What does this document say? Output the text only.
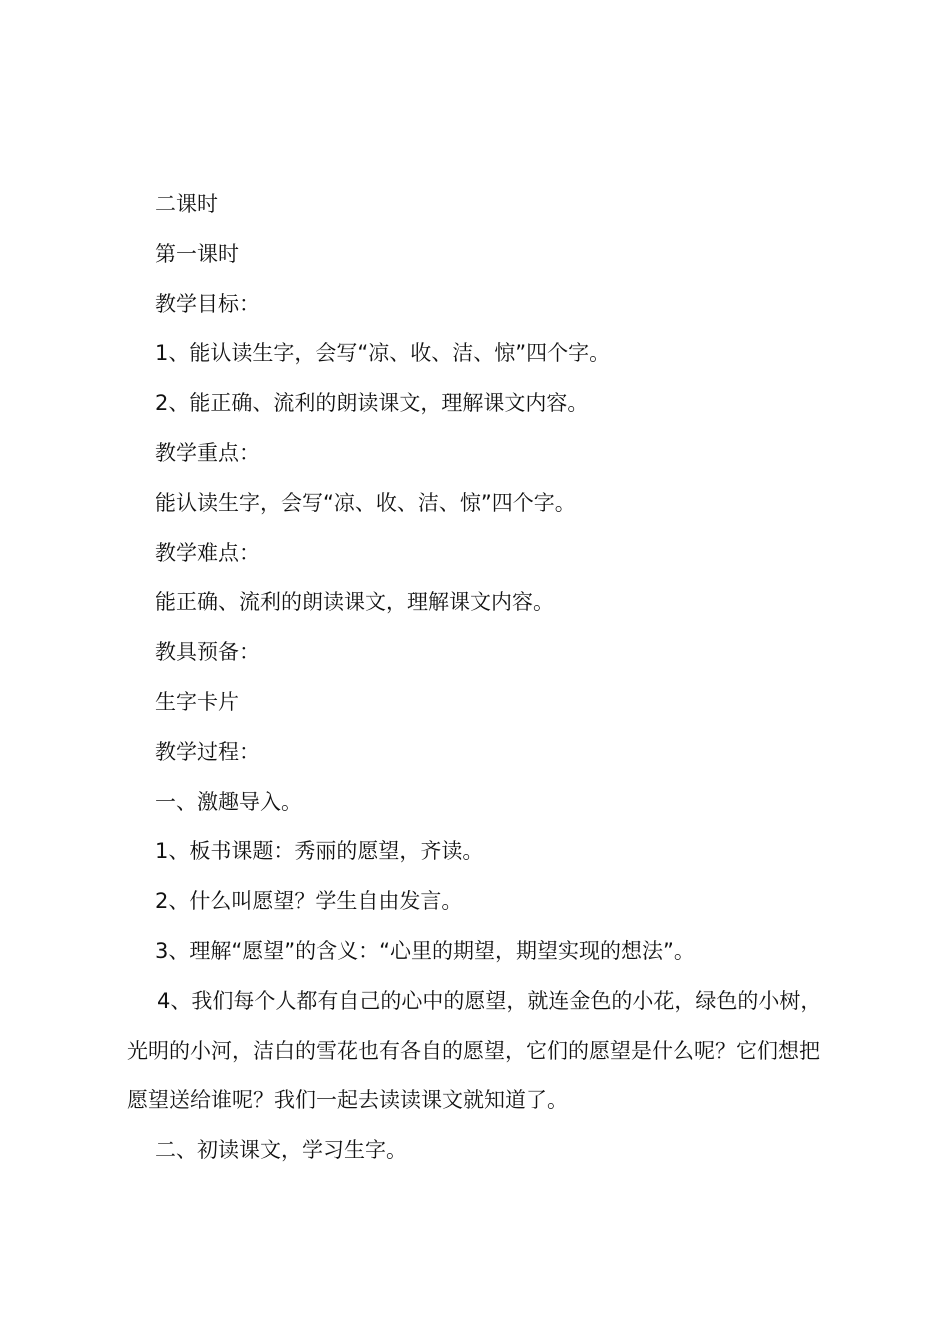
二课时

第一课时

教学目标：

1、能认读生字，会写“凉、收、洁、惊”四个字。

2、能正确、流利的朗读课文，理解课文内容。

教学重点：

能认读生字，会写“凉、收、洁、惊”四个字。

教学难点：

能正确、流利的朗读课文，理解课文内容。

教具预备：

生字卡片

教学过程：

一、激趣导入。

1、板书课题：秀丽的愿望，齐读。

2、什么叫愿望？学生自由发言。

3、理解“愿望”的含义：“心里的期望，期望实现的想法”。

4、我们每个人都有自己的心中的愿望，就连金色的小花，绿色的小树，光明的小河，洁白的雪花也有各自的愿望，它们的愿望是什么呢？它们想把愿望送给谁呢？我们一起去读读课文就知道了。

二、初读课文，学习生字。
